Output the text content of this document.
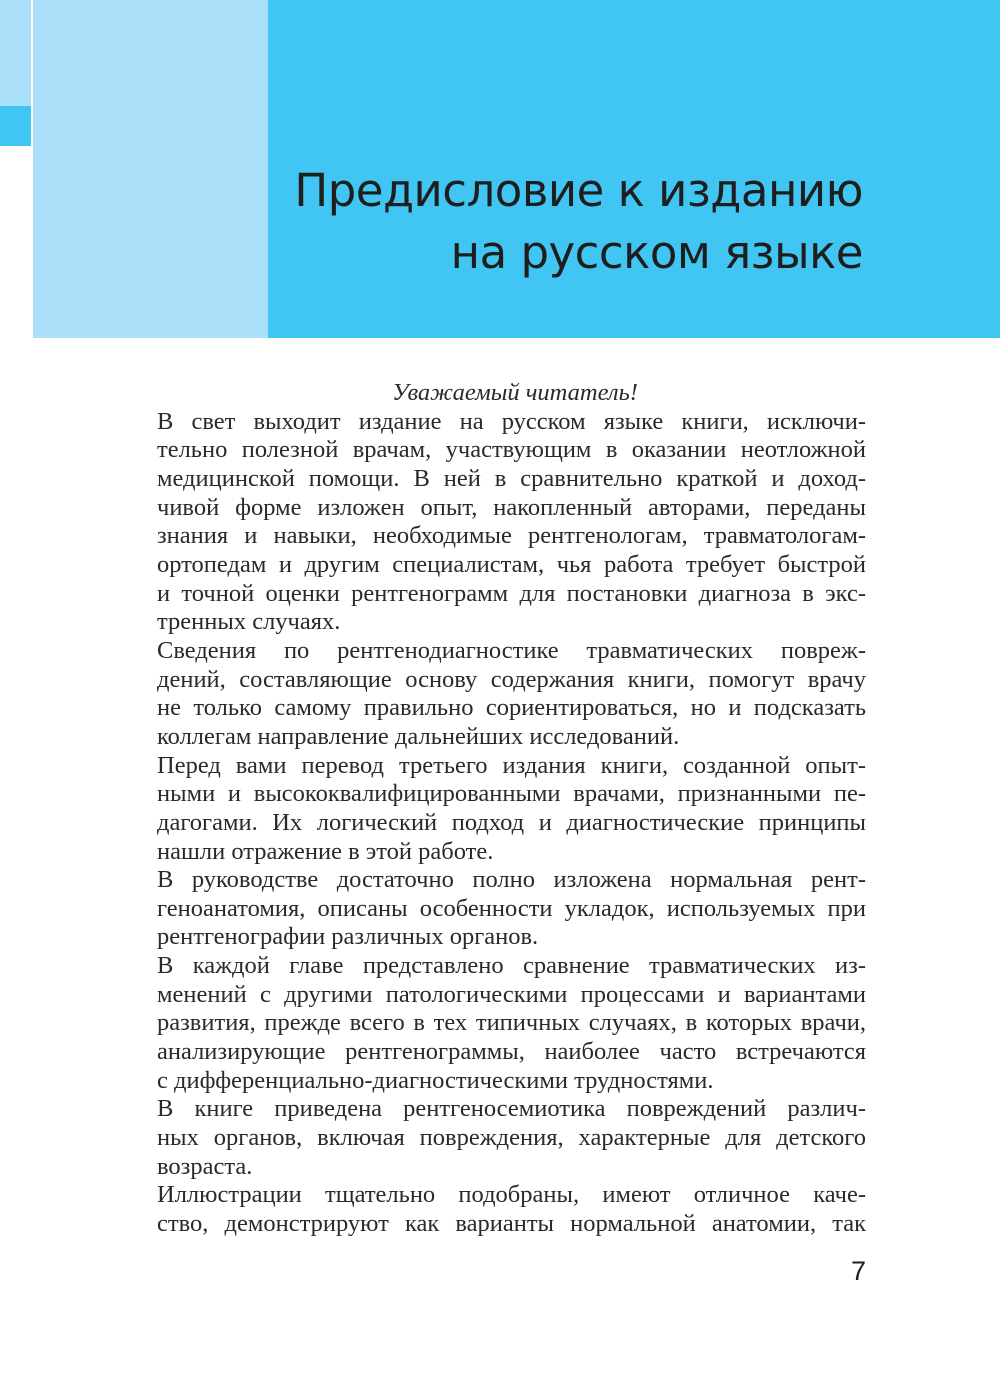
Предисловие к изданию
на русском языке

Уважаемый читатель!

В свет выходит издание на русском языке книги, исключи-
тельно полезной врачам, участвующим в оказании неотложной
медицинской помощи. В ней в сравнительно краткой и доход-
чивой форме изложен опыт, накопленный авторами, переданы
знания и навыки, необходимые рентгенологам, травматологам-
ортопедам и другим специалистам, чья работа требует быстрой
и точной оценки рентгенограмм для постановки диагноза в экс-
тренных случаях.

Сведения по рентгенодиагностике травматических повреж-
дений, составляющие основу содержания книги, помогут врачу
не только самому правильно сориентироваться, но и подсказать
коллегам направление дальнейших исследований.

Перед вами перевод третьего издания книги, созданной опыт-
ными и высококвалифицированными врачами, признанными пе-
дагогами. Их логический подход и диагностические принципы
нашли отражение в этой работе.

В руководстве достаточно полно изложена нормальная рент-
геноанатомия, описаны особенности укладок, используемых при
рентгенографии различных органов.

В каждой главе представлено сравнение травматических из-
менений с другими патологическими процессами и вариантами
развития, прежде всего в тех типичных случаях, в которых врачи,
анализирующие рентгенограммы, наиболее часто встречаются
с дифференциально-диагностическими трудностями.

В книге приведена рентгеносемиотика повреждений различ-
ных органов, включая повреждения, характерные для детского
возраста.

Иллюстрации тщательно подобраны, имеют отличное каче-
ство, демонстрируют как варианты нормальной анатомии, так

7
